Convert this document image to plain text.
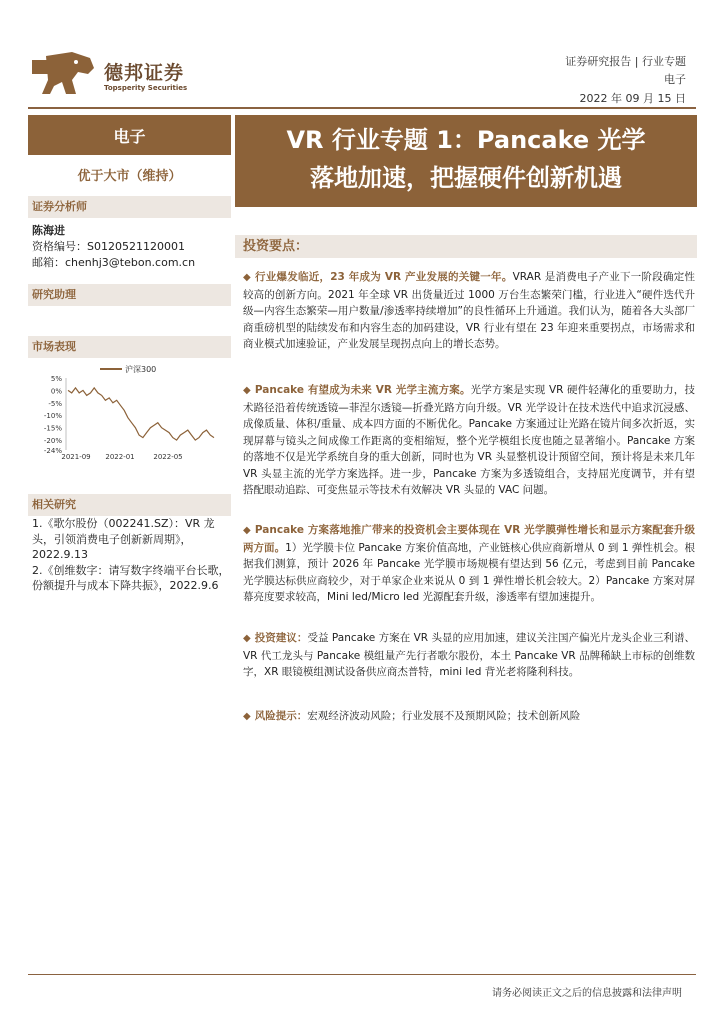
德邦证券
Topsperity Securities
证券研究报告 | 行业专题
电子
2022 年 09 月 15 日
电子
优于大市（维持）
证券分析师
陈海进
资格编号：S0120521120001
邮箱：chenhj3@tebon.com.cn
研究助理
市场表现
沪深300
5%
0%
-5%
-10%
-15%
-20%
-24%
2021-09 2022-01	2022-05
相关研究
1.《歌尔股份（002241.SZ）：VR 龙头，引领消费电子创新新周期》，2022.9.13
2.《创维数字：请写数字终端平台长歌，份额提升与成本下降共振》，2022.9.6
VR 行业专题 1：Pancake 光学
落地加速，把握硬件创新机遇
投资要点：
◆ 行业爆发临近，23 年成为 VR 产业发展的关键一年。VRAR 是消费电子产业下一阶段确定性较高的创新方向。2021 年全球 VR 出货量近过 1000 万台生态繁荣门槛，行业进入“硬件迭代升级—内容生态繁荣—用户数量/渗透率持续增加”的良性循环上升通道。我们认为，随着各大头部厂商重磅机型的陆续发布和内容生态的加码建设，VR 行业有望在 23 年迎来重要拐点，市场需求和商业模式加速验证，产业发展呈现拐点向上的增长态势。
◆ Pancake 有望成为未来 VR 光学主流方案。光学方案是实现 VR 硬件轻薄化的重要助力，技术路径沿着传统透镜—菲涅尔透镜—折叠光路方向升级。VR 光学设计在技术迭代中追求沉浸感、成像质量、体积/重量、成本四方面的不断优化。Pancake 方案通过让光路在镜片间多次折返，实现屏幕与镜头之间成像工作距离的变相缩短，整个光学模组长度也随之显著缩小。Pancake 方案的落地不仅是光学系统自身的重大创新，同时也为 VR 头显整机设计预留空间，预计将是未来几年 VR 头显主流的光学方案选择。进一步，Pancake 方案为多透镜组合，支持屈光度调节，并有望搭配眼动追踪、可变焦显示等技术有效解决 VR 头显的 VAC 问题。
◆ Pancake 方案落地推广带来的投资机会主要体现在 VR 光学膜弹性增长和显示方案配套升级两方面。1）光学膜卡位 Pancake 方案价值高地，产业链核心供应商新增从 0 到 1 弹性机会。根据我们测算，预计 2026 年 Pancake 光学膜市场规模有望达到 56 亿元，考虑到目前 Pancake 光学膜达标供应商较少，对于单家企业来说从 0 到 1 弹性增长机会较大。2）Pancake 方案对屏幕亮度要求较高，Mini led/Micro led 光源配套升级，渗透率有望加速提升。
◆ 投资建议：受益 Pancake 方案在 VR 头显的应用加速，建议关注国产偏光片龙头企业三利谱、VR 代工龙头与 Pancake 模组量产先行者歌尔股份，本土 Pancake VR 品牌稀缺上市标的创维数字，XR 眼镜模组测试设备供应商杰普特，mini led 背光老将隆利科技。
◆ 风险提示：宏观经济波动风险；行业发展不及预期风险；技术创新风险
请务必阅读正文之后的信息披露和法律声明
